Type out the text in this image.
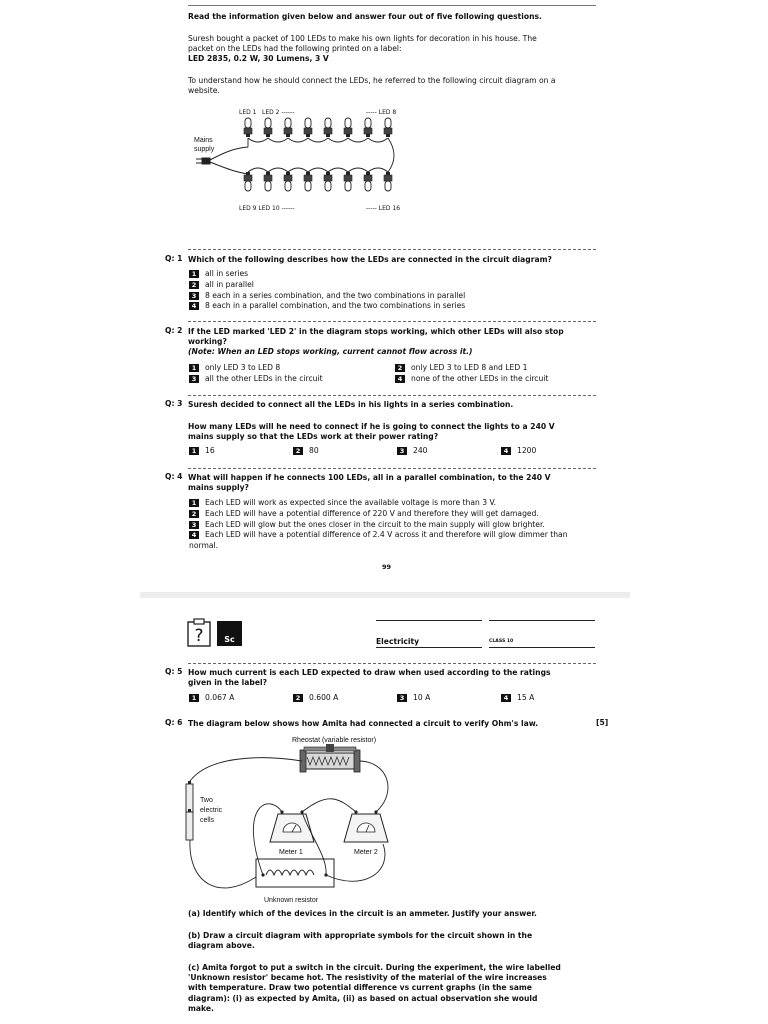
Read the information given below and answer four out of five following questions.
Suresh bought a packet of 100 LEDs to make his own lights for decoration in his house. The
packet on the LEDs had the following printed on a label:
LED 2835, 0.2 W, 30 Lumens, 3 V
To understand how he should connect the LEDs, he referred to the following circuit diagram on a
website.
LED 1 LED 2 ------	----- LED 8
Mains
supply
LED 9 LED 10 ------	----- LED 16
Q: 1 Which of the following describes how the LEDs are connected in the circuit diagram?
1	all in series
2	all in parallel
3	8 each in a series combination, and the two combinations in parallel
4	8 each in a parallel combination, and the two combinations in series
Q: 2 If the LED marked 'LED 2' in the diagram stops working, which other LEDs will also stop
working?
(Note: When an LED stops working, current cannot flow across it.)
1	only LED 3 to LED 8	2	only LED 3 to LED 8 and LED 1
3	all the other LEDs in the circuit	4	none of the other LEDs in the circuit
Q: 3 Suresh decided to connect all the LEDs in his lights in a series combination.
How many LEDs will he need to connect if he is going to connect the lights to a 240 V
mains supply so that the LEDs work at their power rating?
1	16	2	80	3	240	4	1200
Q: 4 What will happen if he connects 100 LEDs, all in a parallel combination, to the 240 V
mains supply?
1	Each LED will work as expected since the available voltage is more than 3 V.
2	Each LED will have a potential difference of 220 V and therefore they will get damaged.
3	Each LED will glow but the ones closer in the circuit to the main supply will glow brighter.
4	Each LED will have a potential difference of 2.4 V across it and therefore will glow dimmer than
normal.
99
?	Sc	Electricity	CLASS 10
Q: 5 How much current is each LED expected to draw when used according to the ratings
given in the label?
1	0.067 A	2	0.600 A	3	10 A	4	15 A
Q: 6 The diagram below shows how Amita had connected a circuit to verify Ohm's law.	[5]
Rheostat (variable resistor)
Two
electric
cells
Meter 1	Meter 2
Unknown resistor
(a) Identify which of the devices in the circuit is an ammeter. Justify your answer.
(b) Draw a circuit diagram with appropriate symbols for the circuit shown in the
diagram above.
(c) Amita forgot to put a switch in the circuit. During the experiment, the wire labelled
'Unknown resistor' became hot. The resistivity of the material of the wire increases
with temperature. Draw two potential difference vs current graphs (in the same
diagram): (i) as expected by Amita, (ii) as based on actual observation she would
make.
